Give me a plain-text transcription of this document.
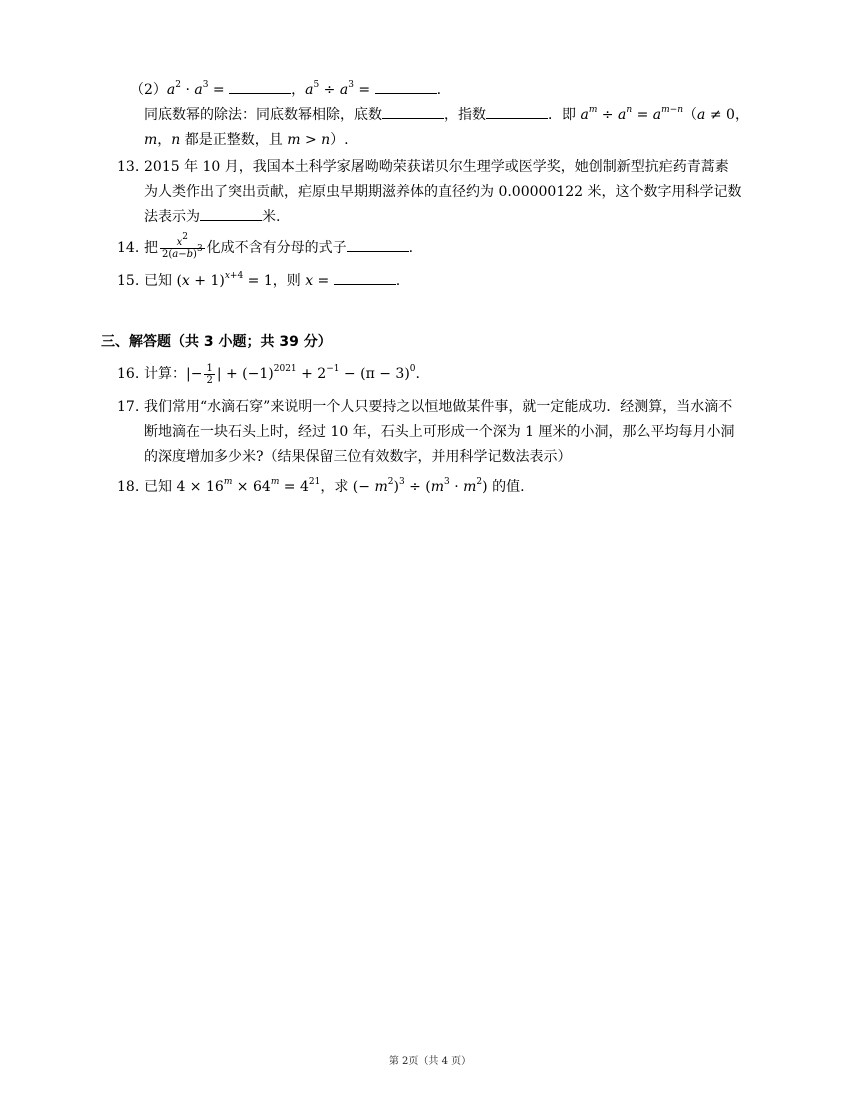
$(2)a^2 \cdot a^3$ =	，$a^5 \div a^3$ =	.
同底数幂的除法：同底数幂相除，底数	，指数	．即 $a^m \div a^n = a^{m-n}(a \ne 0$，
m，n 都是正整数，且 m > n）.
13. 2015 年 10 月，我国本土科学家屠呦呦荣获诺贝尔生理学或医学奖，她创制新型抗疟药青蒿素
为人类作出了突出贡献，疟原虫早期期滋养体的直径约为 0.00000122 米，这个数字用科学记数
法表示为	米.
14. 把 $\frac{x^2}{2(a-b)^3}$ 化成不含有分母的式子	.
15. 已知 $(x + 1)^{x+4} = 1$，则 x =	.
三、解答题（共 3 小题；共 39 分）
16. 计算：|− $\frac{1}{2}$ | + $(-1)^{2021} + 2^{-1} - (\pi - 3)^0$.
17. 我们常用“水滴石穿”来说明一个人只要持之以恒地做某件事，就一定能成功．经测算，当水滴不
断地滴在一块石头上时，经过 10 年，石头上可形成一个深为 1 厘米的小洞，那么平均每月小洞
的深度增加多少米?（结果保留三位有效数字，并用科学记数法表示）
18. 已知 $4 \times 16^m \times 64^m = 4^{21}$，求 (− $m^2)^3 \div (m^3 \cdot m^2)$ 的值.
第 2页（共 4 页）
